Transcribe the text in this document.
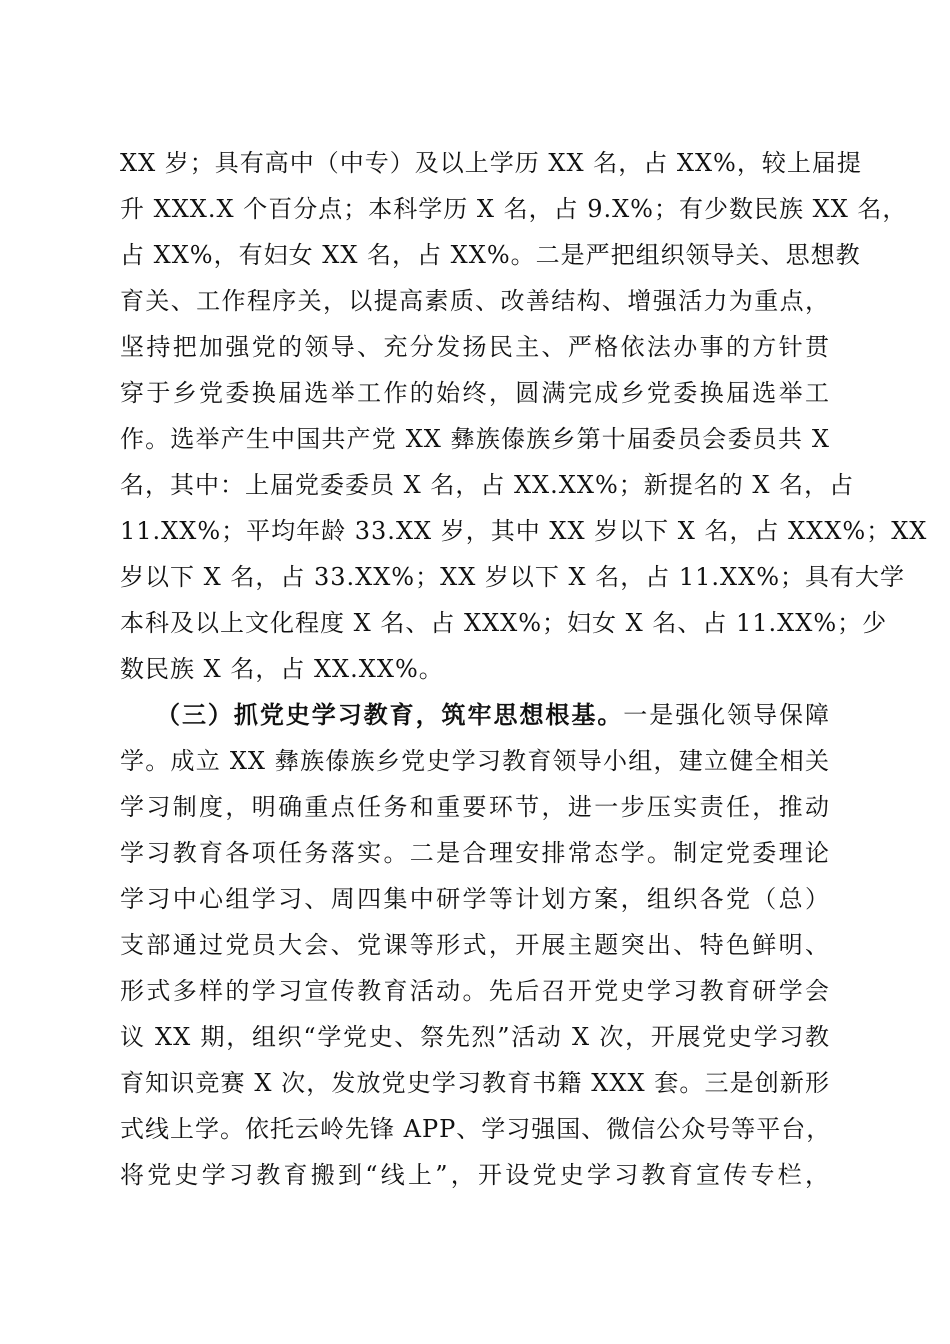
XX 岁；具有高中（中专）及以上学历 XX 名，占 XX%，较上届提
升 XXX.X 个百分点；本科学历 X 名，占 9.X%；有少数民族 XX 名，
占 XX%，有妇女 XX 名，占 XX%。二是严把组织领导关、思想教
育关、工作程序关，以提高素质、改善结构、增强活力为重点，
坚持把加强党的领导、充分发扬民主、严格依法办事的方针贯
穿于乡党委换届选举工作的始终，圆满完成乡党委换届选举工
作。选举产生中国共产党 XX 彝族傣族乡第十届委员会委员共 X
名，其中：上届党委委员 X 名，占 XX.XX%；新提名的 X 名，占
11.XX%；平均年龄 33.XX 岁，其中 XX 岁以下 X 名，占 XXX%；XX
岁以下 X 名，占 33.XX%；XX 岁以下 X 名，占 11.XX%；具有大学
本科及以上文化程度 X 名、占 XXX%；妇女 X 名、占 11.XX%；少
数民族 X 名，占 XX.XX%。
（三）抓党史学习教育，筑牢思想根基。一是强化领导保障
学。成立 XX 彝族傣族乡党史学习教育领导小组，建立健全相关
学习制度，明确重点任务和重要环节，进一步压实责任，推动
学习教育各项任务落实。二是合理安排常态学。制定党委理论
学习中心组学习、周四集中研学等计划方案，组织各党（总）
支部通过党员大会、党课等形式，开展主题突出、特色鲜明、
形式多样的学习宣传教育活动。先后召开党史学习教育研学会
议 XX 期，组织“学党史、祭先烈”活动 X 次，开展党史学习教
育知识竞赛 X 次，发放党史学习教育书籍 XXX 套。三是创新形
式线上学。依托云岭先锋 APP、学习强国、微信公众号等平台，
将党史学习教育搬到“线上”，开设党史学习教育宣传专栏，
